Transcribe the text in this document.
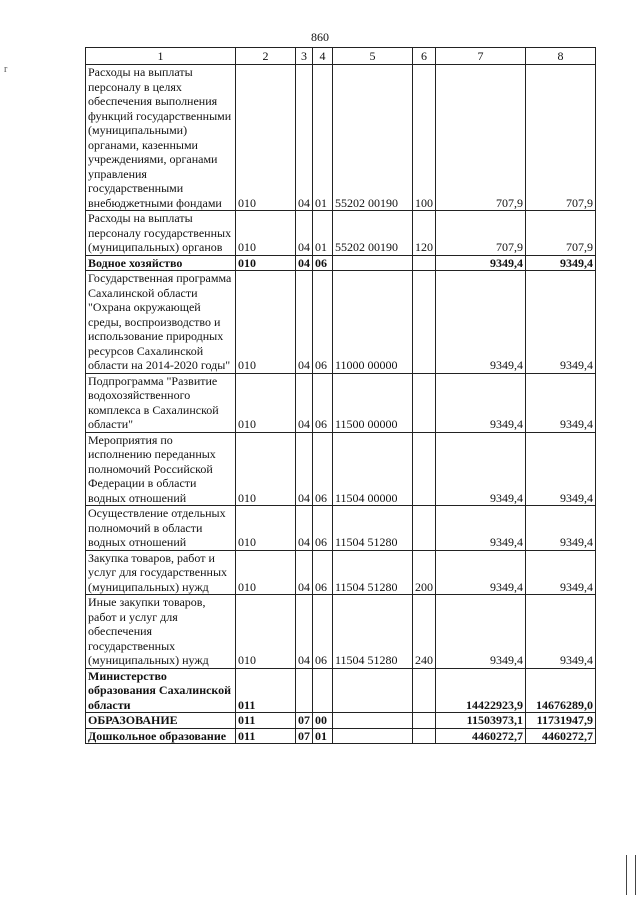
860
r
1	2	3	4	5	6	7	8
Расходы на выплаты персоналу в целях обеспечения выполнения функций государственными (муниципальными) органами, казенными учреждениями, органами управления государственными внебюджетными фондами	010	04	01	55202 00190	100	707,9	707,9
Расходы на выплаты персоналу государственных (муниципальных) органов	010	04	01	55202 00190	120	707,9	707,9
Водное хозяйство	010	04	06			9349,4	9349,4
Государственная программа Сахалинской области "Охрана окружающей среды, воспроизводство и использование природных ресурсов Сахалинской области на 2014-2020 годы"	010	04	06	11000 00000		9349,4	9349,4
Подпрограмма "Развитие водохозяйственного комплекса в Сахалинской области"	010	04	06	11500 00000		9349,4	9349,4
Мероприятия по исполнению переданных полномочий Российской Федерации в области водных отношений	010	04	06	11504 00000		9349,4	9349,4
Осуществление отдельных полномочий в области водных отношений	010	04	06	11504 51280		9349,4	9349,4
Закупка товаров, работ и услуг для государственных (муниципальных) нужд	010	04	06	11504 51280	200	9349,4	9349,4
Иные закупки товаров, работ и услуг для обеспечения государственных (муниципальных) нужд	010	04	06	11504 51280	240	9349,4	9349,4
Министерство образования Сахалинской области	011					14422923,9	14676289,0
ОБРАЗОВАНИЕ	011	07	00			11503973,1	11731947,9
Дошкольное образование	011	07	01			4460272,7	4460272,7
